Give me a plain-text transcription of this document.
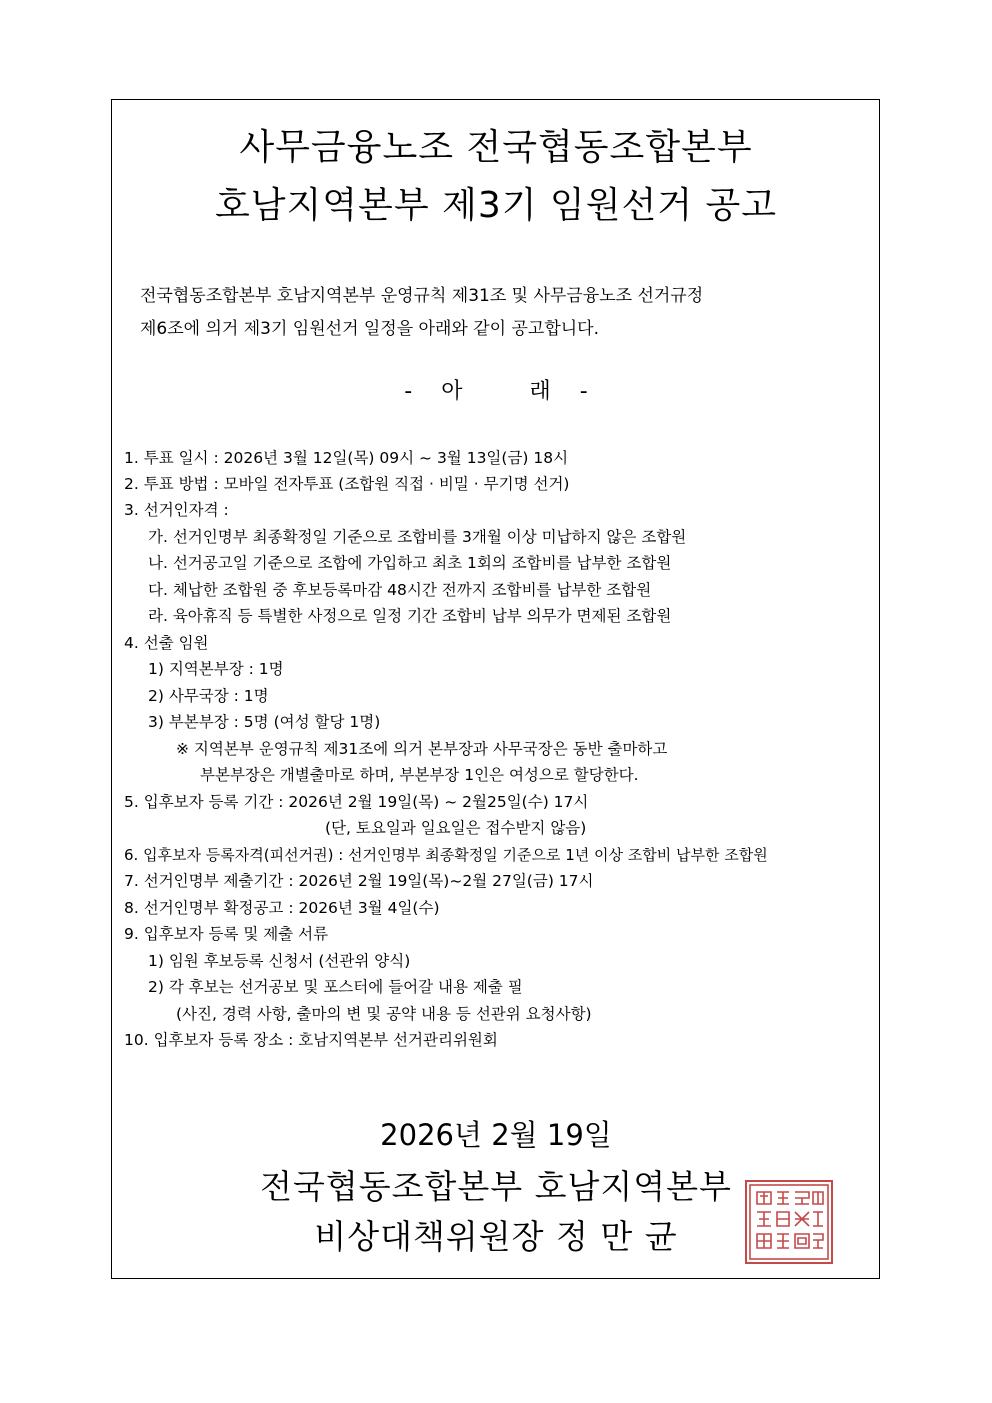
사무금융노조 전국협동조합본부
호남지역본부 제3기 임원선거 공고
전국협동조합본부 호남지역본부 운영규칙 제31조 및 사무금융노조 선거규정
제6조에 의거 제3기 임원선거 일정을 아래와 같이 공고합니다.
- 아	래 -
1. 투표 일시 : 2026년 3월 12일(목) 09시 ~ 3월 13일(금) 18시
2. 투표 방법 : 모바일 전자투표 (조합원 직접 · 비밀 · 무기명 선거)
3. 선거인자격 :
가. 선거인명부 최종확정일 기준으로 조합비를 3개월 이상 미납하지 않은 조합원
나. 선거공고일 기준으로 조합에 가입하고 최초 1회의 조합비를 납부한 조합원
다. 체납한 조합원 중 후보등록마감 48시간 전까지 조합비를 납부한 조합원
라. 육아휴직 등 특별한 사정으로 일정 기간 조합비 납부 의무가 면제된 조합원
4. 선출 임원
1) 지역본부장 : 1명
2) 사무국장 : 1명
3) 부본부장 : 5명 (여성 할당 1명)
※ 지역본부 운영규칙 제31조에 의거 본부장과 사무국장은 동반 출마하고
부본부장은 개별출마로 하며, 부본부장 1인은 여성으로 할당한다.
5. 입후보자 등록 기간 : 2026년 2월 19일(목) ~ 2월25일(수) 17시
(단, 토요일과 일요일은 접수받지 않음)
6. 입후보자 등록자격(피선거권) : 선거인명부 최종확정일 기준으로 1년 이상 조합비 납부한 조합원
7. 선거인명부 제출기간 : 2026년 2월 19일(목)~2월 27일(금) 17시
8. 선거인명부 확정공고 : 2026년 3월 4일(수)
9. 입후보자 등록 및 제출 서류
1) 임원 후보등록 신청서 (선관위 양식)
2) 각 후보는 선거공보 및 포스터에 들어갈 내용 제출 필
(사진, 경력 사항, 출마의 변 및 공약 내용 등 선관위 요청사항)
10. 입후보자 등록 장소 : 호남지역본부 선거관리위원회
2026년 2월 19일
전국협동조합본부 호남지역본부
비상대책위원장 정 만 균
